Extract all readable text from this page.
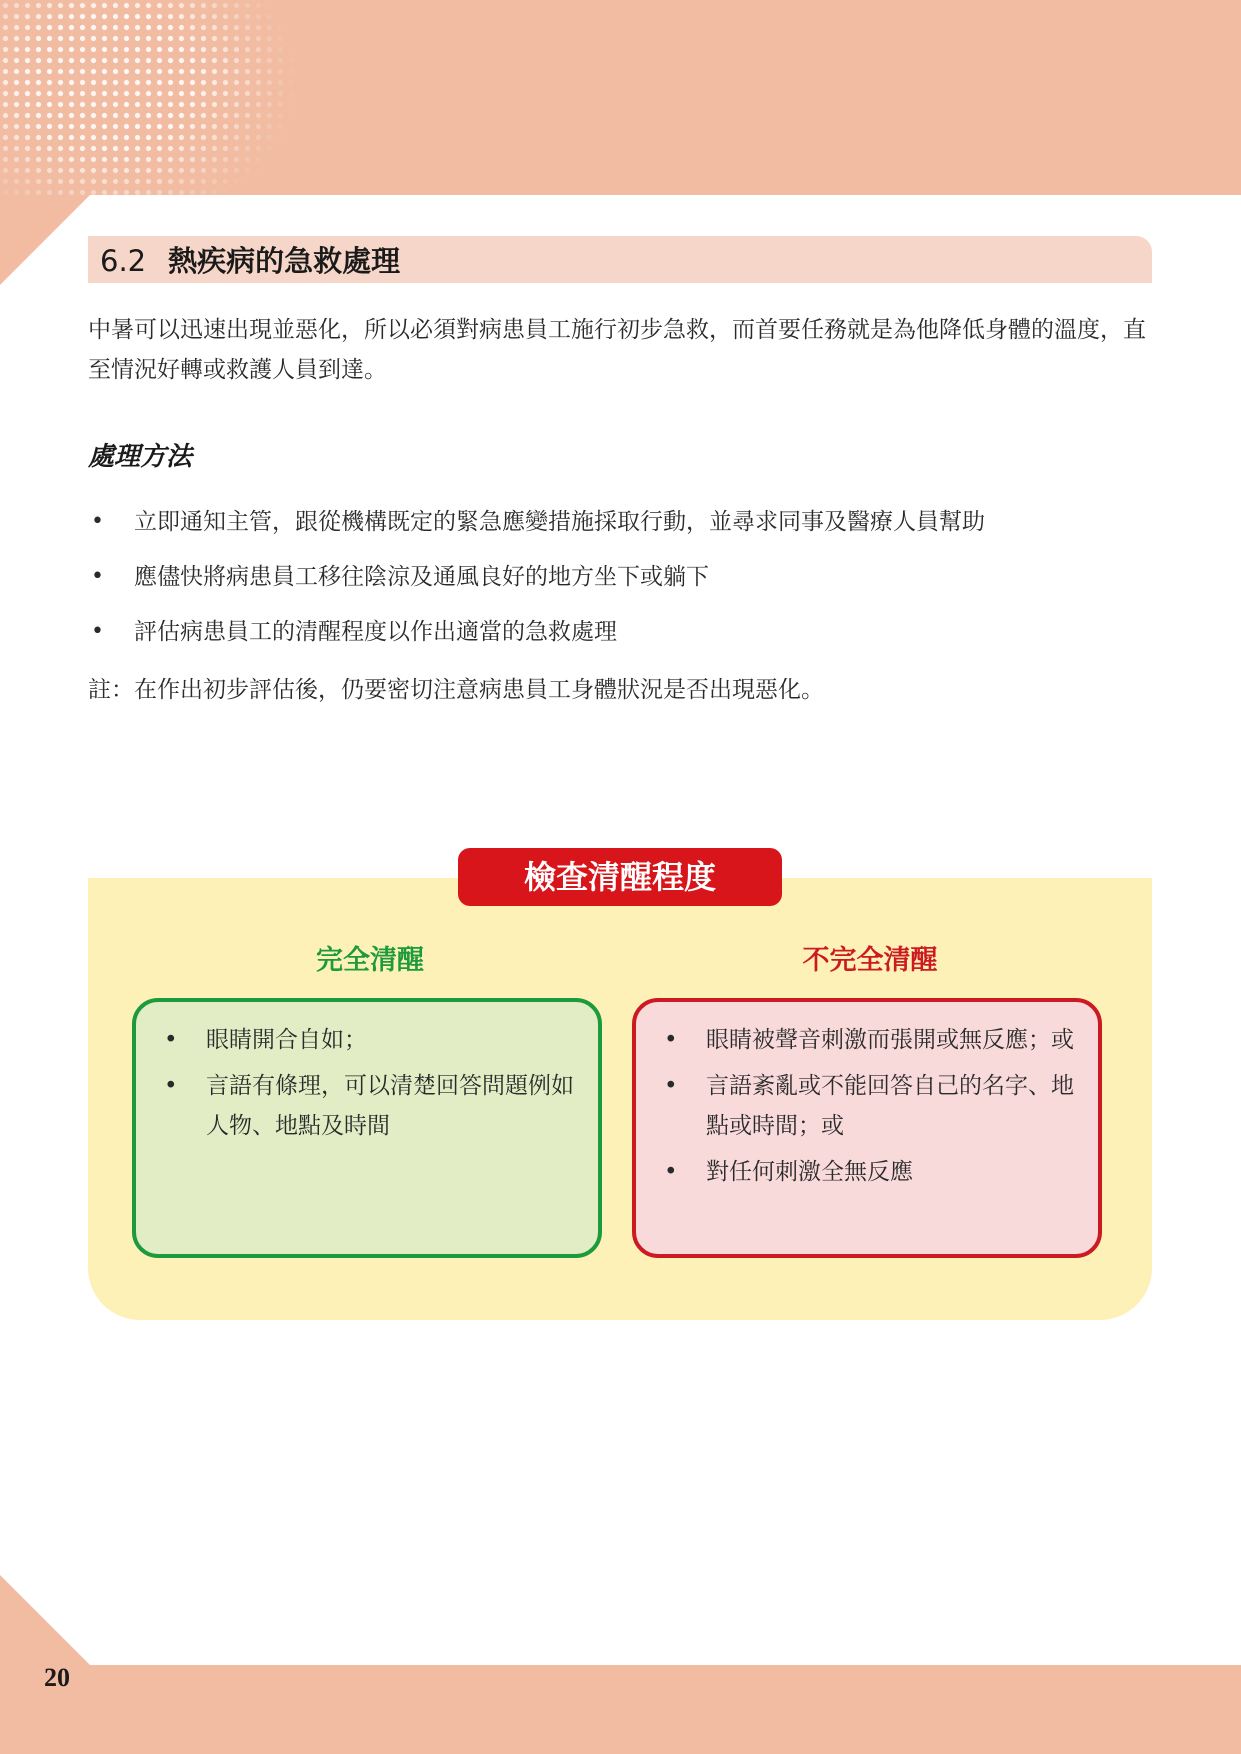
20
6.2 熱疾病的急救處理
中暑可以迅速出現並惡化，所以必須對病患員工施行初步急救，而首要任務就是為他降低身體的溫度，直至情況好轉或救護人員到達。
處理方法
• 立即通知主管，跟從機構既定的緊急應變措施採取行動，並尋求同事及醫療人員幫助
• 應儘快將病患員工移往陰涼及通風良好的地方坐下或躺下
• 評估病患員工的清醒程度以作出適當的急救處理
註：在作出初步評估後，仍要密切注意病患員工身體狀況是否出現惡化。
檢查清醒程度
完全清醒	不完全清醒
• 眼睛開合自如；
• 言語有條理，可以清楚回答問題例如人物、地點及時間
• 眼睛被聲音刺激而張開或無反應；或
• 言語紊亂或不能回答自己的名字、地點或時間；或
• 對任何刺激全無反應
